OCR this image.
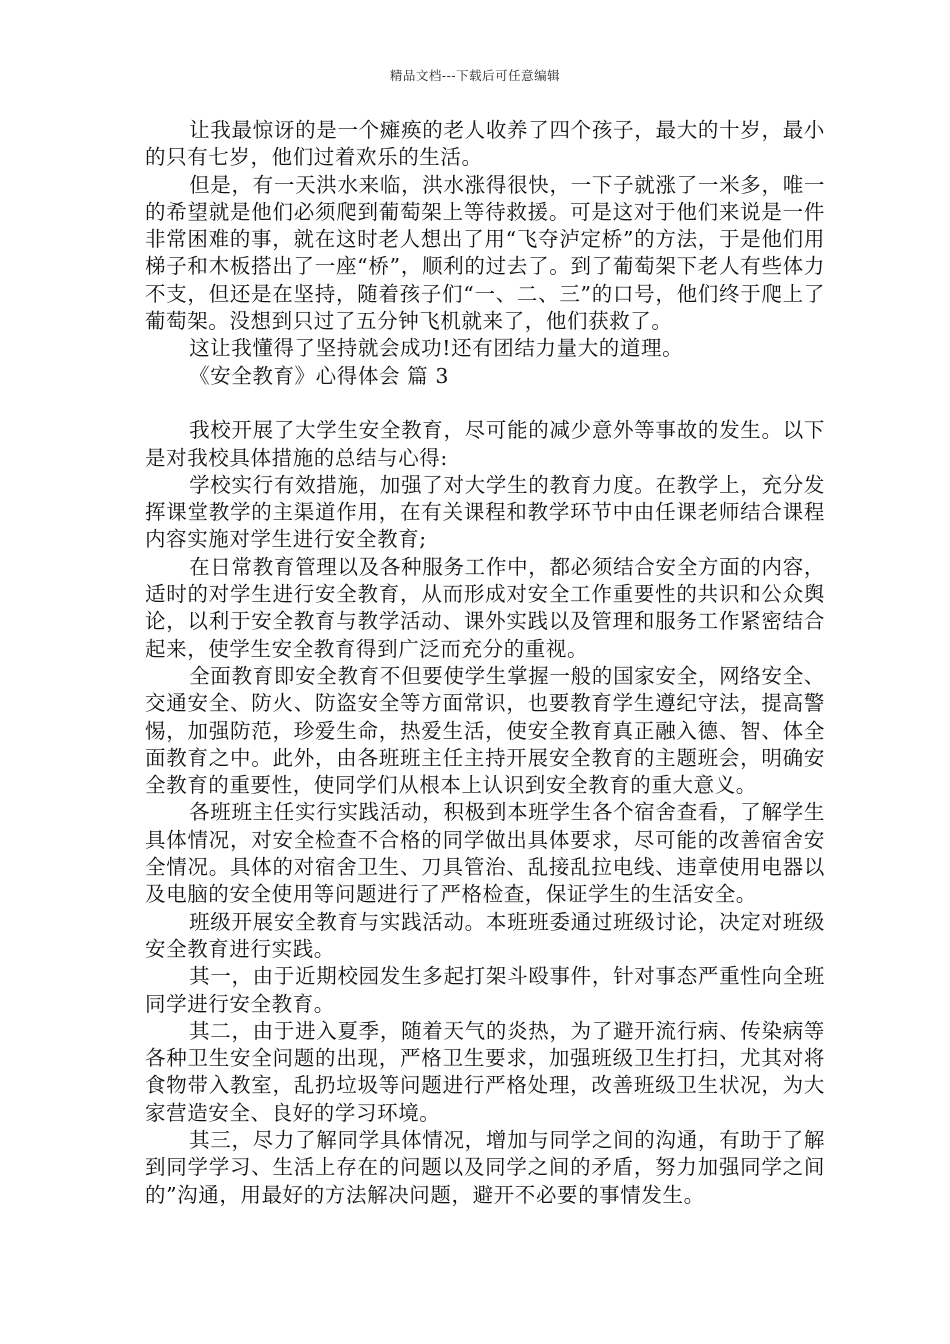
精品文档---下载后可任意编辑

让我最惊讶的是一个瘫痪的老人收养了四个孩子，最大的十岁，最小的只有七岁，他们过着欢乐的生活。

但是，有一天洪水来临，洪水涨得很快，一下子就涨了一米多，唯一的希望就是他们必须爬到葡萄架上等待救援。可是这对于他们来说是一件非常困难的事，就在这时老人想出了用“飞夺泸定桥”的方法，于是他们用梯子和木板搭出了一座“桥”，顺利的过去了。到了葡萄架下老人有些体力不支，但还是在坚持，随着孩子们“一、二、三”的口号，他们终于爬上了葡萄架。没想到只过了五分钟飞机就来了，他们获救了。

这让我懂得了坚持就会成功!还有团结力量大的道理。

《安全教育》心得体会 篇 3

我校开展了大学生安全教育，尽可能的减少意外等事故的发生。以下是对我校具体措施的总结与心得:

学校实行有效措施，加强了对大学生的教育力度。在教学上，充分发挥课堂教学的主渠道作用，在有关课程和教学环节中由任课老师结合课程内容实施对学生进行安全教育;

在日常教育管理以及各种服务工作中，都必须结合安全方面的内容，适时的对学生进行安全教育，从而形成对安全工作重要性的共识和公众舆论，以利于安全教育与教学活动、课外实践以及管理和服务工作紧密结合起来，使学生安全教育得到广泛而充分的重视。

全面教育即安全教育不但要使学生掌握一般的国家安全，网络安全、交通安全、防火、防盗安全等方面常识，也要教育学生遵纪守法，提高警惕，加强防范，珍爱生命，热爱生活，使安全教育真正融入德、智、体全面教育之中。此外，由各班班主任主持开展安全教育的主题班会，明确安全教育的重要性，使同学们从根本上认识到安全教育的重大意义。

各班班主任实行实践活动，积极到本班学生各个宿舍查看，了解学生具体情况，对安全检查不合格的同学做出具体要求，尽可能的改善宿舍安全情况。具体的对宿舍卫生、刀具管治、乱接乱拉电线、违章使用电器以及电脑的安全使用等问题进行了严格检查，保证学生的生活安全。

班级开展安全教育与实践活动。本班班委通过班级讨论，决定对班级安全教育进行实践。

其一，由于近期校园发生多起打架斗殴事件，针对事态严重性向全班同学进行安全教育。

其二，由于进入夏季，随着天气的炎热，为了避开流行病、传染病等各种卫生安全问题的出现，严格卫生要求，加强班级卫生打扫，尤其对将食物带入教室，乱扔垃圾等问题进行严格处理，改善班级卫生状况，为大家营造安全、良好的学习环境。

其三，尽力了解同学具体情况，增加与同学之间的沟通，有助于了解到同学学习、生活上存在的问题以及同学之间的矛盾，努力加强同学之间的”沟通，用最好的方法解决问题，避开不必要的事情发生。
